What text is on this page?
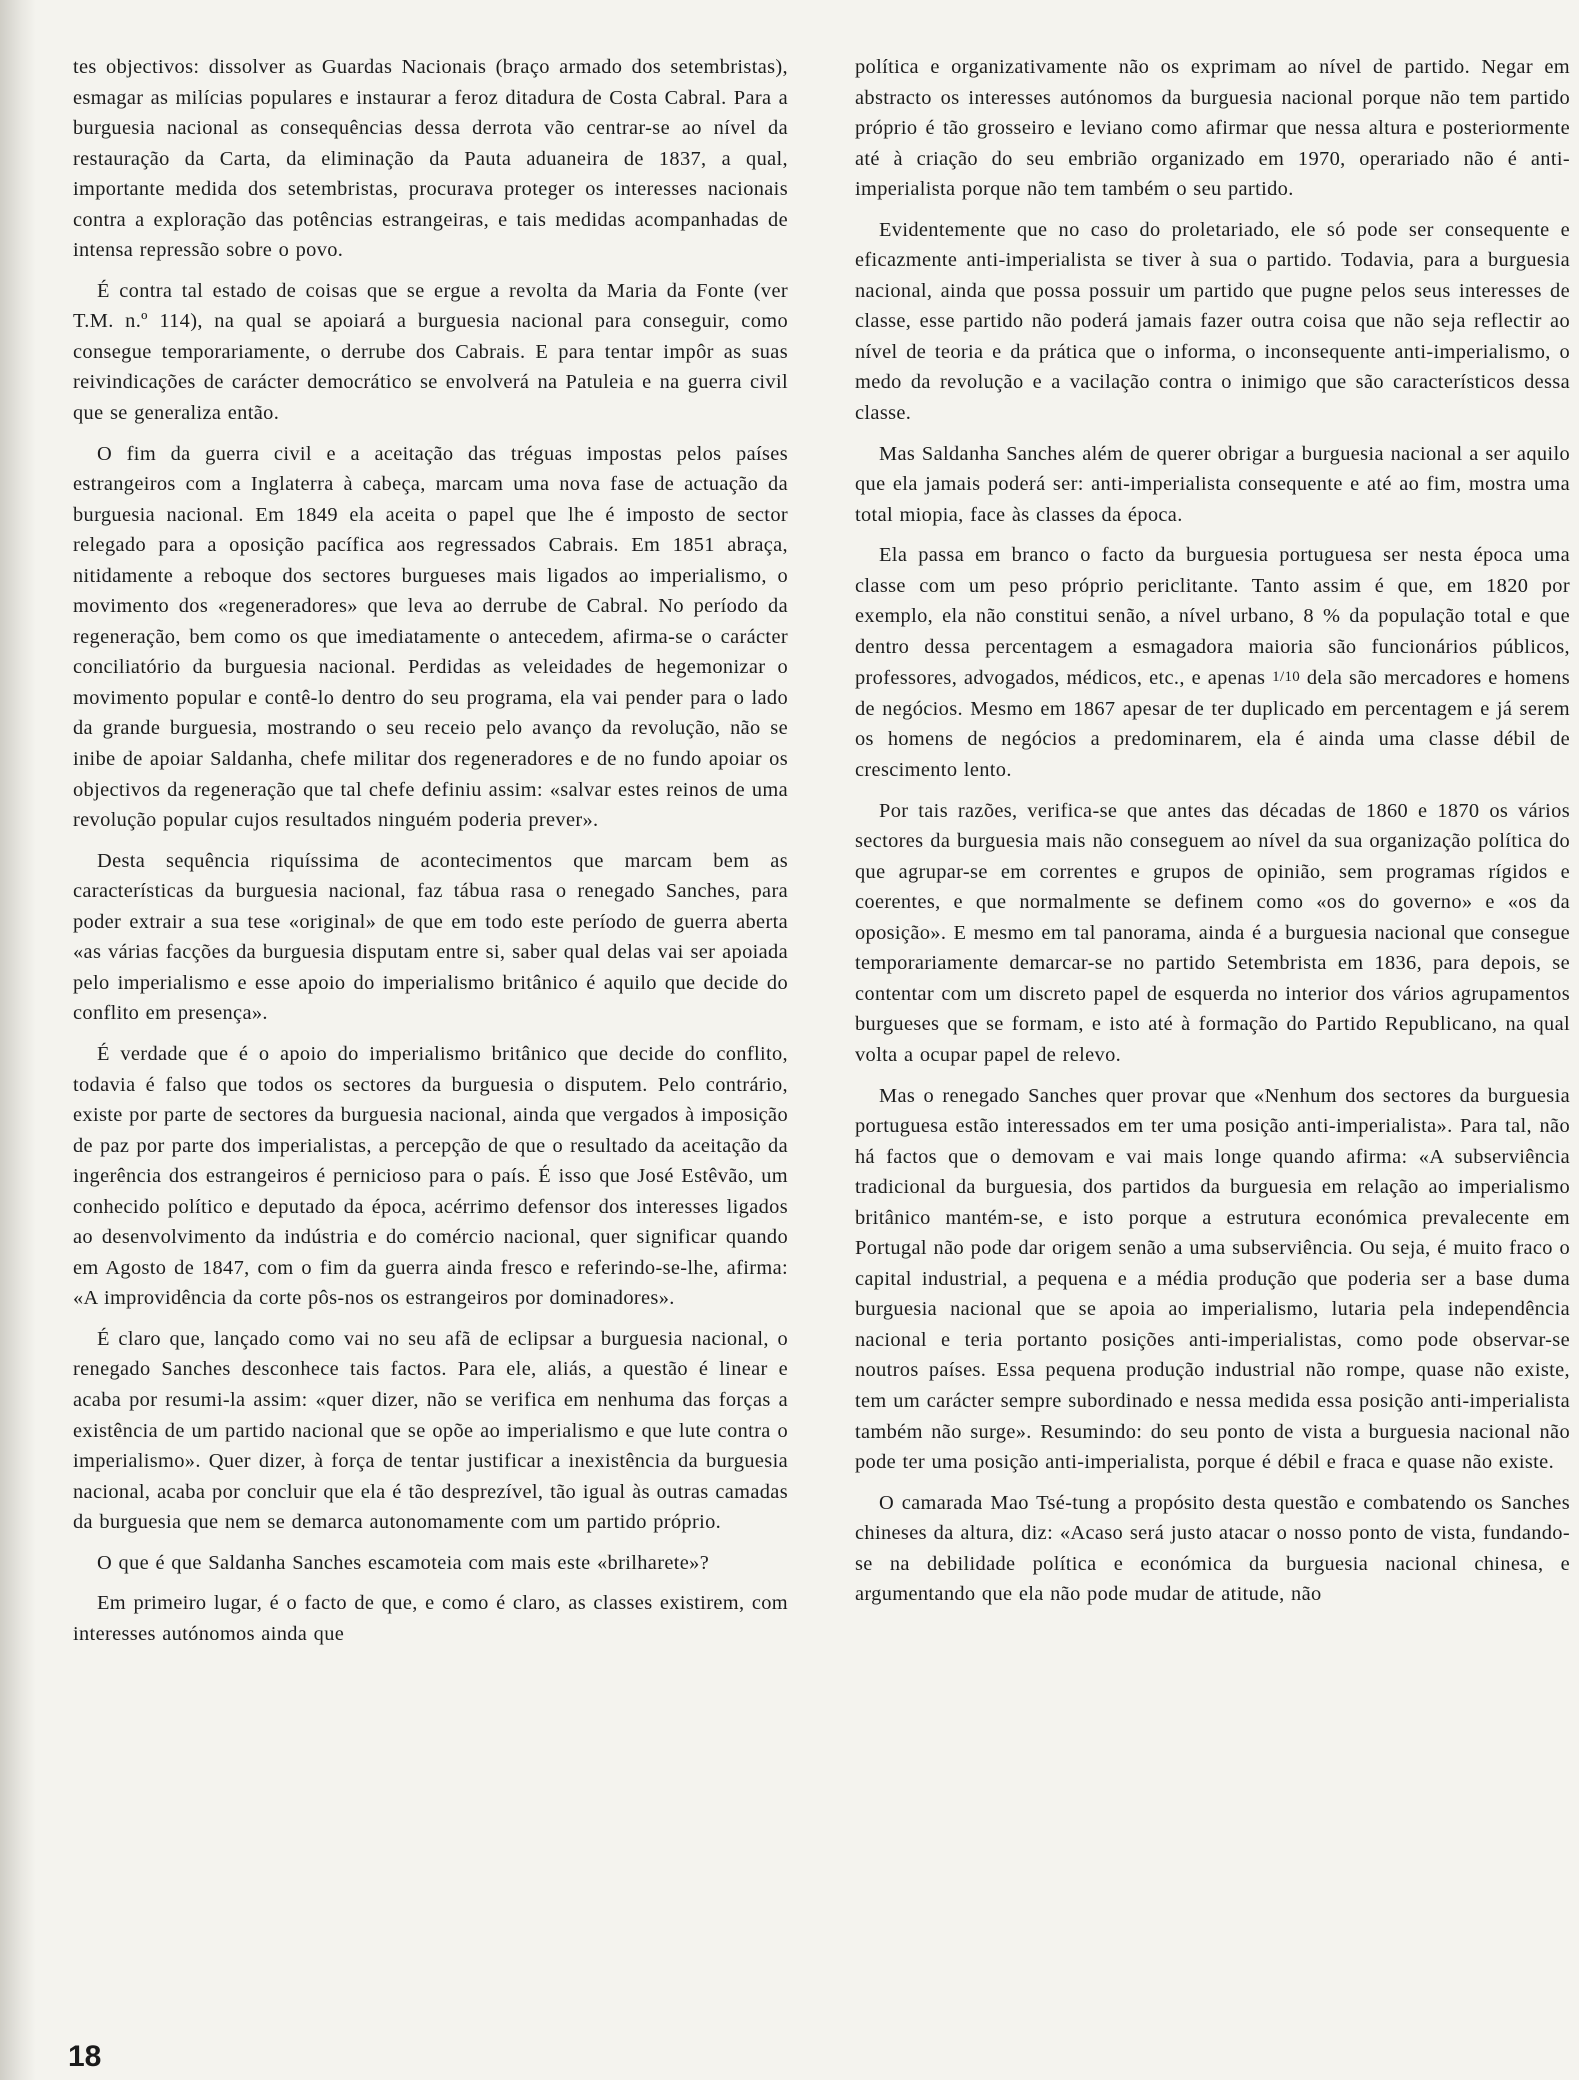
tes objectivos: dissolver as Guardas Nacionais (braço armado dos setembristas), esmagar as milícias populares e instaurar a feroz ditadura de Costa Cabral. Para a burguesia nacional as consequências dessa derrota vão centrar-se ao nível da restauração da Carta, da eliminação da Pauta aduaneira de 1837, a qual, importante medida dos setembristas, procurava proteger os interesses nacionais contra a exploração das potências estrangeiras, e tais medidas acompanhadas de intensa repressão sobre o povo.

É contra tal estado de coisas que se ergue a revolta da Maria da Fonte (ver T.M. n.º 114), na qual se apoiará a burguesia nacional para conseguir, como consegue temporariamente, o derrube dos Cabrais. E para tentar impôr as suas reivindicações de carácter democrático se envolverá na Patuleia e na guerra civil que se generaliza então.

O fim da guerra civil e a aceitação das tréguas impostas pelos países estrangeiros com a Inglaterra à cabeça, marcam uma nova fase de actuação da burguesia nacional. Em 1849 ela aceita o papel que lhe é imposto de sector relegado para a oposição pacífica aos regressados Cabrais. Em 1851 abraça, nitidamente a reboque dos sectores burgueses mais ligados ao imperialismo, o movimento dos «regeneradores» que leva ao derrube de Cabral. No período da regeneração, bem como os que imediatamente o antecedem, afirma-se o carácter conciliatório da burguesia nacional. Perdidas as veleidades de hegemonizar o movimento popular e contê-lo dentro do seu programa, ela vai pender para o lado da grande burguesia, mostrando o seu receio pelo avanço da revolução, não se inibe de apoiar Saldanha, chefe militar dos regeneradores e de no fundo apoiar os objectivos da regeneração que tal chefe definiu assim: «salvar estes reinos de uma revolução popular cujos resultados ninguém poderia prever».

Desta sequência riquíssima de acontecimentos que marcam bem as características da burguesia nacional, faz tábua rasa o renegado Sanches, para poder extrair a sua tese «original» de que em todo este período de guerra aberta «as várias facções da burguesia disputam entre si, saber qual delas vai ser apoiada pelo imperialismo e esse apoio do imperialismo britânico é aquilo que decide do conflito em presença».

É verdade que é o apoio do imperialismo britânico que decide do conflito, todavia é falso que todos os sectores da burguesia o disputem. Pelo contrário, existe por parte de sectores da burguesia nacional, ainda que vergados à imposição de paz por parte dos imperialistas, a percepção de que o resultado da aceitação da ingerência dos estrangeiros é pernicioso para o país. É isso que José Estêvão, um conhecido político e deputado da época, acérrimo defensor dos interesses ligados ao desenvolvimento da indústria e do comércio nacional, quer significar quando em Agosto de 1847, com o fim da guerra ainda fresco e referindo-se-lhe, afirma: «A improvidência da corte pôs-nos os estrangeiros por dominadores».

É claro que, lançado como vai no seu afã de eclipsar a burguesia nacional, o renegado Sanches desconhece tais factos. Para ele, aliás, a questão é linear e acaba por resumi-la assim: «quer dizer, não se verifica em nenhuma das forças a existência de um partido nacional que se opõe ao imperialismo e que lute contra o imperialismo». Quer dizer, à força de tentar justificar a inexistência da burguesia nacional, acaba por concluir que ela é tão desprezível, tão igual às outras camadas da burguesia que nem se demarca autonomamente com um partido próprio.

O que é que Saldanha Sanches escamoteia com mais este «brilharete»?

Em primeiro lugar, é o facto de que, e como é claro, as classes existirem, com interesses autónomos ainda que

política e organizativamente não os exprimam ao nível de partido. Negar em abstracto os interesses autónomos da burguesia nacional porque não tem partido próprio é tão grosseiro e leviano como afirmar que nessa altura e posteriormente até à criação do seu embrião organizado em 1970, operariado não é anti-imperialista porque não tem também o seu partido.

Evidentemente que no caso do proletariado, ele só pode ser consequente e eficazmente anti-imperialista se tiver à sua o partido. Todavia, para a burguesia nacional, ainda que possa possuir um partido que pugne pelos seus interesses de classe, esse partido não poderá jamais fazer outra coisa que não seja reflectir ao nível de teoria e da prática que o informa, o inconsequente anti-imperialismo, o medo da revolução e a vacilação contra o inimigo que são característicos dessa classe.

Mas Saldanha Sanches além de querer obrigar a burguesia nacional a ser aquilo que ela jamais poderá ser: anti-imperialista consequente e até ao fim, mostra uma total miopia, face às classes da época.

Ela passa em branco o facto da burguesia portuguesa ser nesta época uma classe com um peso próprio periclitante. Tanto assim é que, em 1820 por exemplo, ela não constitui senão, a nível urbano, 8 % da população total e que dentro dessa percentagem a esmagadora maioria são funcionários públicos, professores, advogados, médicos, etc., e apenas 1/10 dela são mercadores e homens de negócios. Mesmo em 1867 apesar de ter duplicado em percentagem e já serem os homens de negócios a predominarem, ela é ainda uma classe débil de crescimento lento.

Por tais razões, verifica-se que antes das décadas de 1860 e 1870 os vários sectores da burguesia mais não conseguem ao nível da sua organização política do que agrupar-se em correntes e grupos de opinião, sem programas rígidos e coerentes, e que normalmente se definem como «os do governo» e «os da oposição». E mesmo em tal panorama, ainda é a burguesia nacional que consegue temporariamente demarcar-se no partido Setembrista em 1836, para depois, se contentar com um discreto papel de esquerda no interior dos vários agrupamentos burgueses que se formam, e isto até à formação do Partido Republicano, na qual volta a ocupar papel de relevo.

Mas o renegado Sanches quer provar que «Nenhum dos sectores da burguesia portuguesa estão interessados em ter uma posição anti-imperialista». Para tal, não há factos que o demovam e vai mais longe quando afirma: «A subserviência tradicional da burguesia, dos partidos da burguesia em relação ao imperialismo britânico mantém-se, e isto porque a estrutura económica prevalecente em Portugal não pode dar origem senão a uma subserviência. Ou seja, é muito fraco o capital industrial, a pequena e a média produção que poderia ser a base duma burguesia nacional que se apoia ao imperialismo, lutaria pela independência nacional e teria portanto posições anti-imperialistas, como pode observar-se noutros países. Essa pequena produção industrial não rompe, quase não existe, tem um carácter sempre subordinado e nessa medida essa posição anti-imperialista também não surge». Resumindo: do seu ponto de vista a burguesia nacional não pode ter uma posição anti-imperialista, porque é débil e fraca e quase não existe.

O camarada Mao Tsé-tung a propósito desta questão e combatendo os Sanches chineses da altura, diz: «Acaso será justo atacar o nosso ponto de vista, fundando-se na debilidade política e económica da burguesia nacional chinesa, e argumentando que ela não pode mudar de atitude, não

18
